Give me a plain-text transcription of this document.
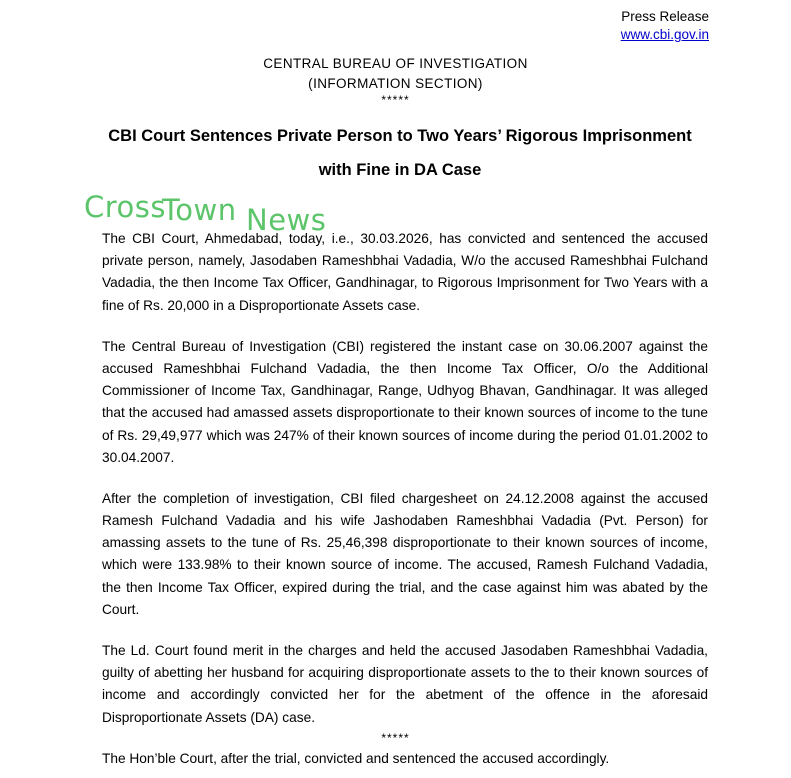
Press Release
www.cbi.gov.in
CENTRAL BUREAU OF INVESTIGATION
(INFORMATION SECTION)
*****
CBI Court Sentences Private Person to Two Years’ Rigorous Imprisonment with Fine in DA Case
Cross
Town News

The CBI Court, Ahmedabad, today, i.e., 30.03.2026, has convicted and sentenced the accused private person, namely, Jasodaben Rameshbhai Vadadia, W/o the accused Rameshbhai Fulchand Vadadia, the then Income Tax Officer, Gandhinagar, to Rigorous Imprisonment for Two Years with a fine of Rs. 20,000 in a Disproportionate Assets case.

The Central Bureau of Investigation (CBI) registered the instant case on 30.06.2007 against the accused Rameshbhai Fulchand Vadadia, the then Income Tax Officer, O/o the Additional Commissioner of Income Tax, Gandhinagar, Range, Udhyog Bhavan, Gandhinagar. It was alleged that the accused had amassed assets disproportionate to their known sources of income to the tune of Rs. 29,49,977 which was 247% of their known sources of income during the period 01.01.2002 to 30.04.2007.

After the completion of investigation, CBI filed chargesheet on 24.12.2008 against the accused Ramesh Fulchand Vadadia and his wife Jashodaben Rameshbhai Vadadia (Pvt. Person) for amassing assets to the tune of Rs. 25,46,398 disproportionate to their known sources of income, which were 133.98% to their known source of income. The accused, Ramesh Fulchand Vadadia, the then Income Tax Officer, expired during the trial, and the case against him was abated by the Court.

The Ld. Court found merit in the charges and held the accused Jasodaben Rameshbhai Vadadia, guilty of abetting her husband for acquiring disproportionate assets to the to their known sources of income and accordingly convicted her for the abetment of the offence in the aforesaid Disproportionate Assets (DA) case.

The Hon’ble Court, after the trial, convicted and sentenced the accused accordingly.

*****
